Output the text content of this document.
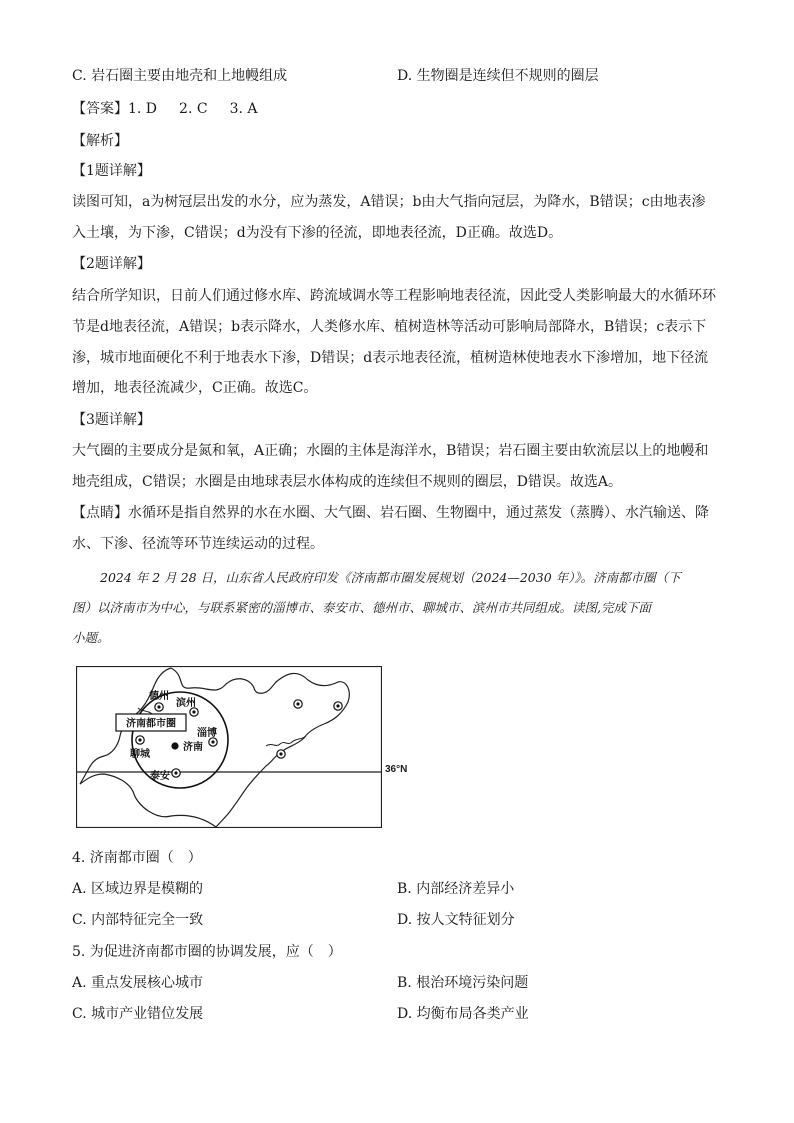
C. 岩石圈主要由地壳和上地幔组成	D. 生物圈是连续但不规则的圈层
【答案】1. D 2. C 3. A
【解析】
【1题详解】
读图可知，a为树冠层出发的水分，应为蒸发，A错误；b由大气指向冠层，为降水，B错误；c由地表渗
入土壤，为下渗，C错误；d为没有下渗的径流，即地表径流，D正确。故选D。
【2题详解】
结合所学知识，日前人们通过修水库、跨流域调水等工程影响地表径流，因此受人类影响最大的水循环环
节是d地表径流，A错误；b表示降水，人类修水库、植树造林等活动可影响局部降水，B错误；c表示下
渗，城市地面硬化不利于地表水下渗，D错误；d表示地表径流，植树造林使地表水下渗增加，地下径流
增加，地表径流减少，C正确。故选C。
【3题详解】
大气圈的主要成分是氮和氧，A正确；水圈的主体是海洋水，B错误；岩石圈主要由软流层以上的地幔和
地壳组成，C错误；水圈是由地球表层水体构成的连续但不规则的圈层，D错误。故选A。
【点睛】水循环是指自然界的水在水圈、大气圈、岩石圈、生物圈中，通过蒸发（蒸腾）、水汽输送、降
水、下渗、径流等环节连续运动的过程。
2024 年 2 月 28 日，山东省人民政府印发《济南都市圈发展规划（2024—2030 年）》。济南都市圈（下
图）以济南市为中心，与联系紧密的淄博市、泰安市、德州市、聊城市、滨州市共同组成。读图,完成下面
小题。
济南都市圈
德州
滨州
淄博
聊城
济南
泰安
36°N
4. 济南都市圈（　）
A. 区域边界是模糊的	B. 内部经济差异小
C. 内部特征完全一致	D. 按人文特征划分
5. 为促进济南都市圈的协调发展，应（　）
A. 重点发展核心城市	B. 根治环境污染问题
C. 城市产业错位发展	D. 均衡布局各类产业
